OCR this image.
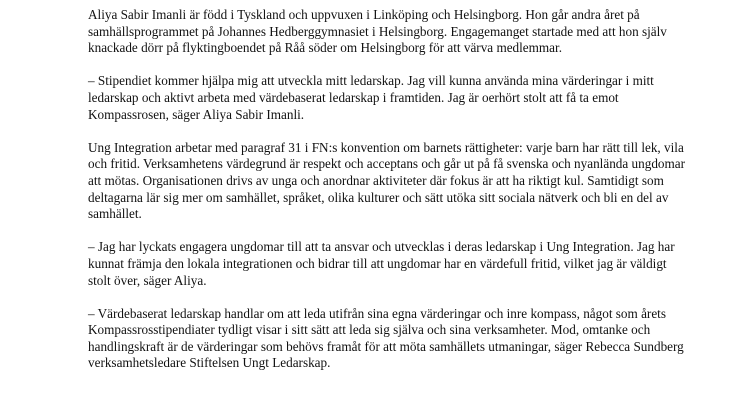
Aliya Sabir Imanli är född i Tyskland och uppvuxen i Linköping och Helsingborg. Hon går andra året på samhällsprogrammet på Johannes Hedberggymnasiet i Helsingborg. Engagemanget startade med att hon själv knackade dörr på flyktingboendet på Råå söder om Helsingborg för att värva medlemmar.

– Stipendiet kommer hjälpa mig att utveckla mitt ledarskap. Jag vill kunna använda mina värderingar i mitt ledarskap och aktivt arbeta med värdebaserat ledarskap i framtiden. Jag är oerhört stolt att få ta emot Kompassrosen, säger Aliya Sabir Imanli.

Ung Integration arbetar med paragraf 31 i FN:s konvention om barnets rättigheter: varje barn har rätt till lek, vila och fritid. Verksamhetens värdegrund är respekt och acceptans och går ut på få svenska och nyanlända ungdomar att mötas. Organisationen drivs av unga och anordnar aktiviteter där fokus är att ha riktigt kul. Samtidigt som deltagarna lär sig mer om samhället, språket, olika kulturer och sätt utöka sitt sociala nätverk och bli en del av samhället.

– Jag har lyckats engagera ungdomar till att ta ansvar och utvecklas i deras ledarskap i Ung Integration. Jag har kunnat främja den lokala integrationen och bidrar till att ungdomar har en värdefull fritid, vilket jag är väldigt stolt över, säger Aliya.

– Värdebaserat ledarskap handlar om att leda utifrån sina egna värderingar och inre kompass, något som årets Kompassrosstipendiater tydligt visar i sitt sätt att leda sig själva och sina verksamheter. Mod, omtanke och handlingskraft är de värderingar som behövs framåt för att möta samhällets utmaningar, säger Rebecca Sundberg verksamhetsledare Stiftelsen Ungt Ledarskap.
